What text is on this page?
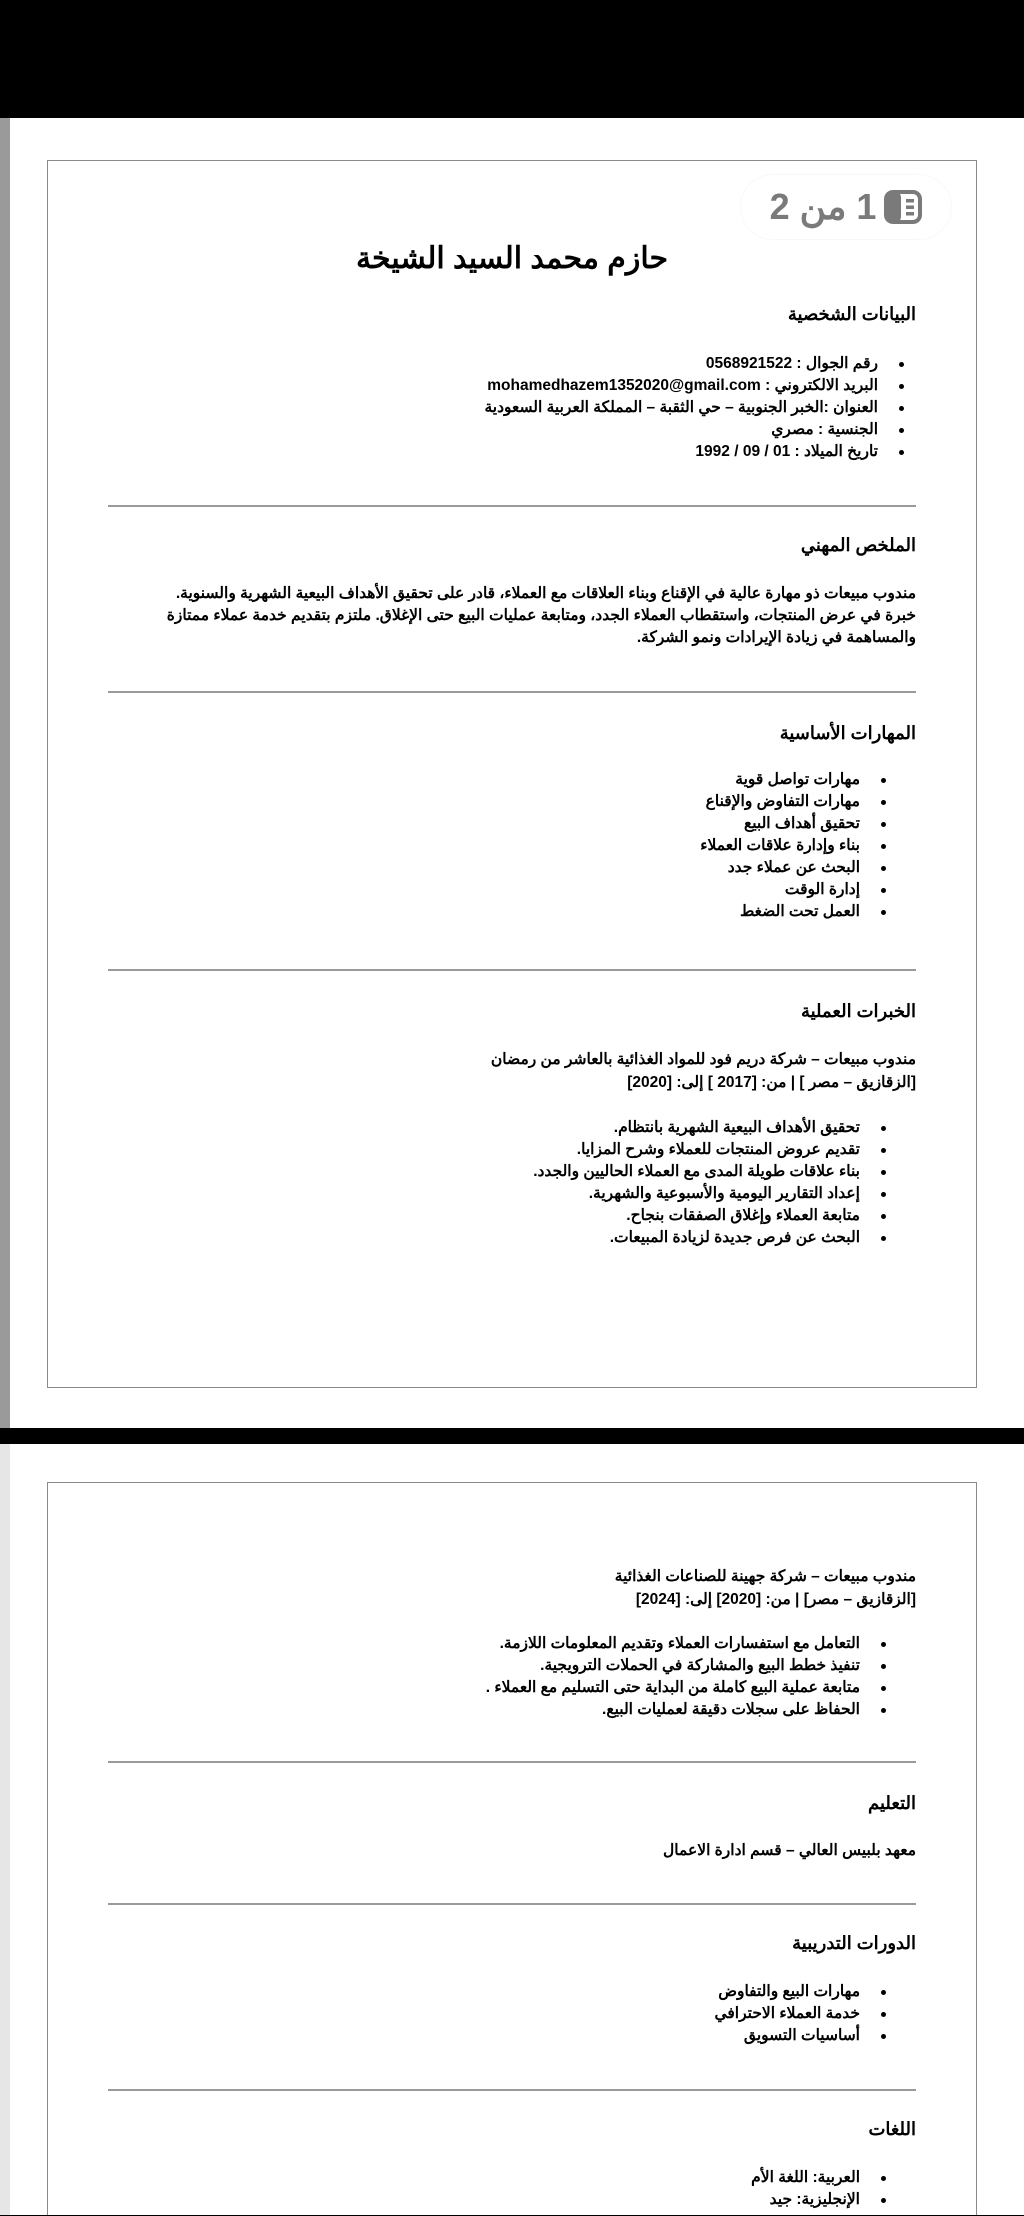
1 من 2
حازم محمد السيد الشيخة
البيانات الشخصية
رقم الجوال : 0568921522
البريد الالكتروني : mohamedhazem1352020@gmail.com
العنوان :الخبر الجنوبية – حي الثقبة – المملكة العربية السعودية
الجنسية : مصري
تاريخ الميلاد : 01 / 09 / 1992
الملخص المهني
مندوب مبيعات ذو مهارة عالية في الإقناع وبناء العلاقات مع العملاء، قادر على تحقيق الأهداف البيعية الشهرية والسنوية.
خبرة في عرض المنتجات، واستقطاب العملاء الجدد، ومتابعة عمليات البيع حتى الإغلاق. ملتزم بتقديم خدمة عملاء ممتازة
والمساهمة في زيادة الإيرادات ونمو الشركة.
المهارات الأساسية
مهارات تواصل قوية
مهارات التفاوض والإقناع
تحقيق أهداف البيع
بناء وإدارة علاقات العملاء
البحث عن عملاء جدد
إدارة الوقت
العمل تحت الضغط
الخبرات العملية
مندوب مبيعات – شركة دريم فود للمواد الغذائية بالعاشر من رمضان
[الزقازيق – مصر ] | من: [2017 ] إلى: [2020]
تحقيق الأهداف البيعية الشهرية بانتظام.
تقديم عروض المنتجات للعملاء وشرح المزايا.
بناء علاقات طويلة المدى مع العملاء الحاليين والجدد.
إعداد التقارير اليومية والأسبوعية والشهرية.
متابعة العملاء وإغلاق الصفقات بنجاح.
البحث عن فرص جديدة لزيادة المبيعات.
مندوب مبيعات – شركة جهينة للصناعات الغذائية
[الزقازيق – مصر] | من: [2020] إلى: [2024]
التعامل مع استفسارات العملاء وتقديم المعلومات اللازمة.
تنفيذ خطط البيع والمشاركة في الحملات الترويجية.
متابعة عملية البيع كاملة من البداية حتى التسليم مع العملاء .
الحفاظ على سجلات دقيقة لعمليات البيع.
التعليم
معهد بلبيس العالي – قسم ادارة الاعمال
الدورات التدريبية
مهارات البيع والتفاوض
خدمة العملاء الاحترافي
أساسيات التسويق
اللغات
العربية: اللغة الأم
الإنجليزية: جيد
